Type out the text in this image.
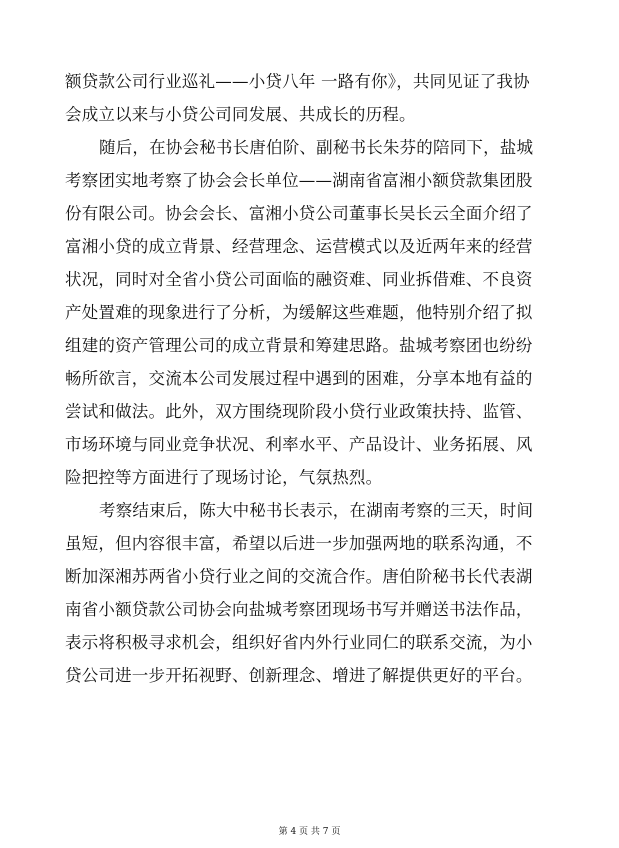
额贷款公司行业巡礼——小贷八年 一路有你》，共同见证了我协
会成立以来与小贷公司同发展、共成长的历程。
随后，在协会秘书长唐伯阶、副秘书长朱芬的陪同下，盐城
考察团实地考察了协会会长单位——湖南省富湘小额贷款集团股
份有限公司。协会会长、富湘小贷公司董事长吴长云全面介绍了
富湘小贷的成立背景、经营理念、运营模式以及近两年来的经营
状况，同时对全省小贷公司面临的融资难、同业拆借难、不良资
产处置难的现象进行了分析，为缓解这些难题，他特别介绍了拟
组建的资产管理公司的成立背景和筹建思路。盐城考察团也纷纷
畅所欲言，交流本公司发展过程中遇到的困难，分享本地有益的
尝试和做法。此外，双方围绕现阶段小贷行业政策扶持、监管、
市场环境与同业竞争状况、利率水平、产品设计、业务拓展、风
险把控等方面进行了现场讨论，气氛热烈。
考察结束后，陈大中秘书长表示，在湖南考察的三天，时间
虽短，但内容很丰富，希望以后进一步加强两地的联系沟通，不
断加深湘苏两省小贷行业之间的交流合作。唐伯阶秘书长代表湖
南省小额贷款公司协会向盐城考察团现场书写并赠送书法作品，
表示将积极寻求机会，组织好省内外行业同仁的联系交流，为小
贷公司进一步开拓视野、创新理念、增进了解提供更好的平台。
第 4 页 共 7 页
